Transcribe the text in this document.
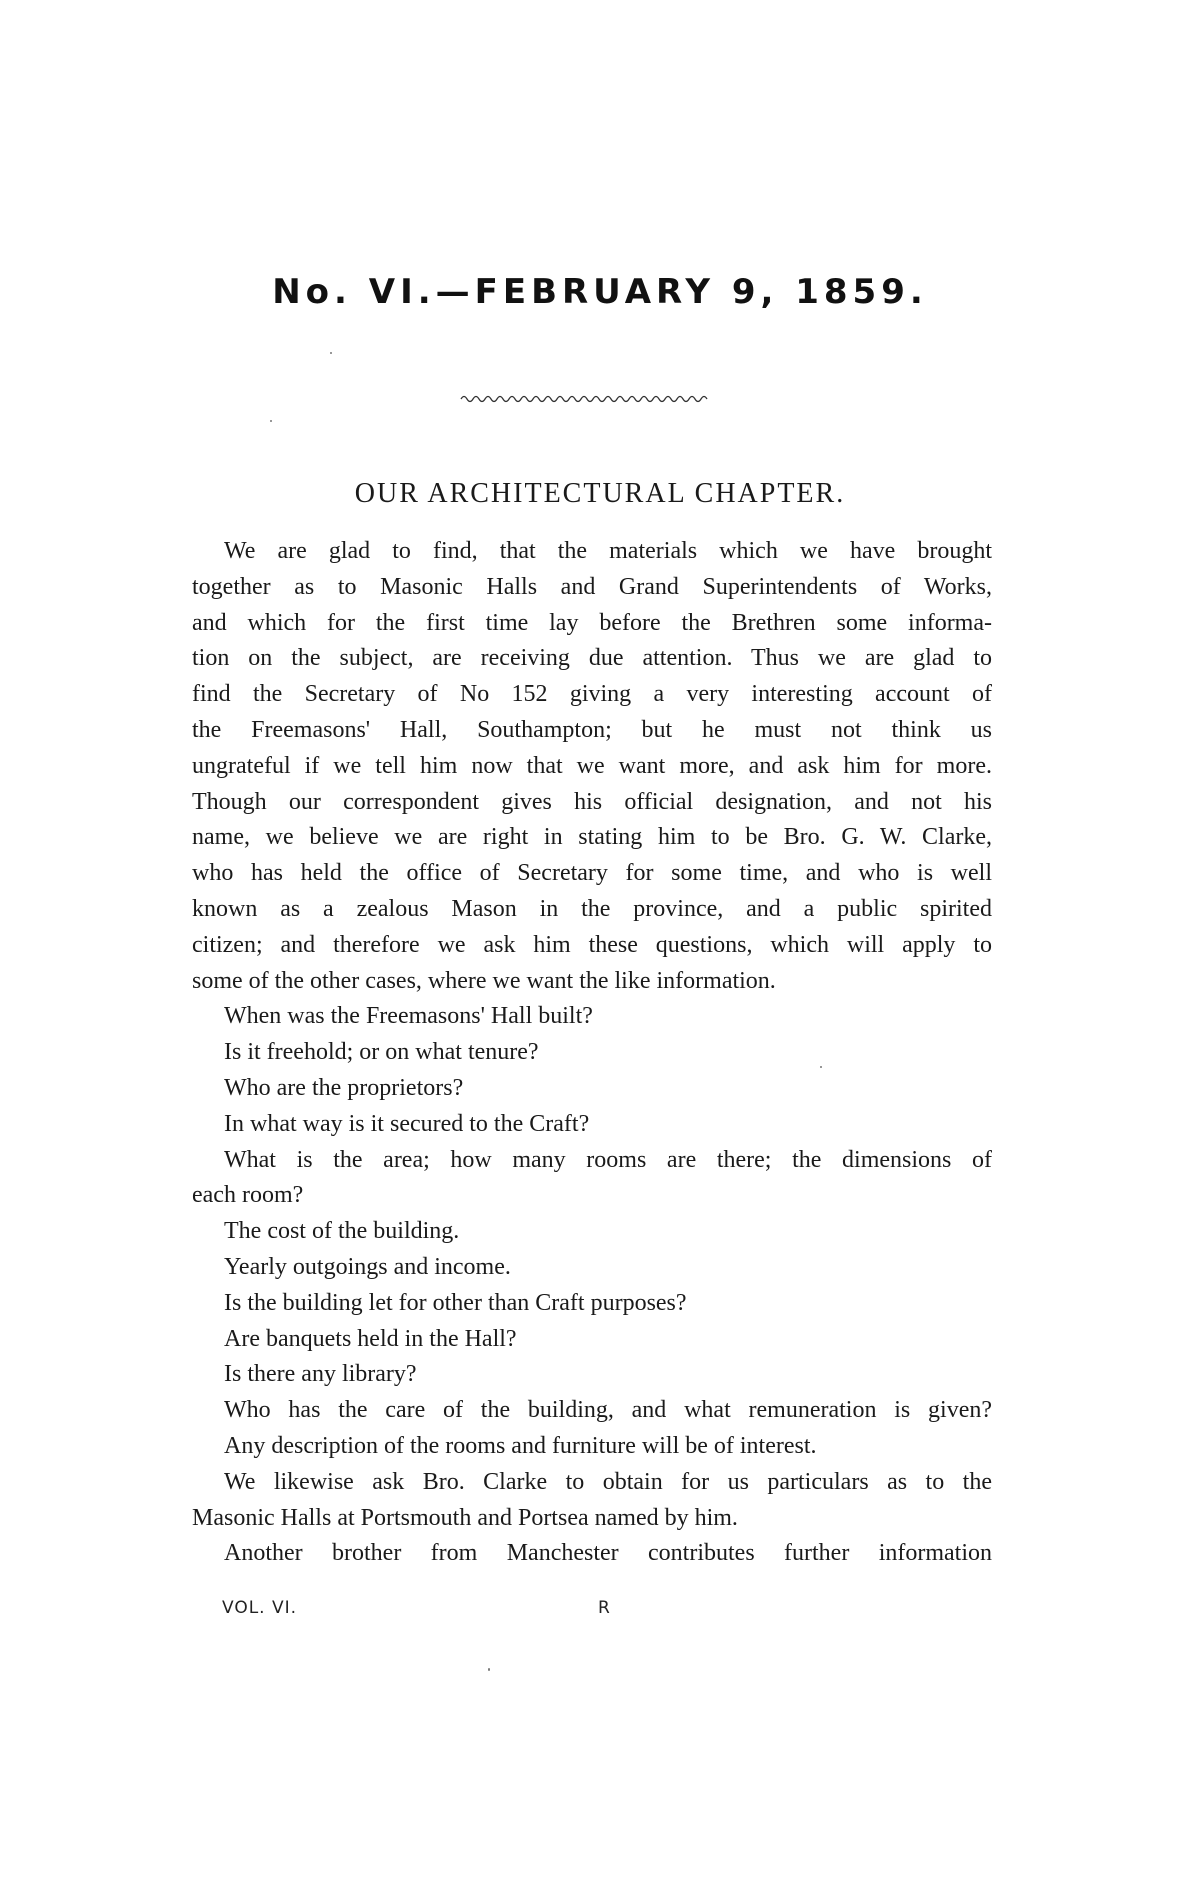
No. VI.—FEBRUARY 9, 1859.
OUR ARCHITECTURAL CHAPTER.
We are glad to find, that the materials which we have brought
together as to Masonic Halls and Grand Superintendents of Works,
and which for the first time lay before the Brethren some informa-
tion on the subject, are receiving due attention. Thus we are glad to
find the Secretary of No 152 giving a very interesting account of
the Freemasons' Hall, Southampton; but he must not think us
ungrateful if we tell him now that we want more, and ask him for more.
Though our correspondent gives his official designation, and not his
name, we believe we are right in stating him to be Bro. G. W. Clarke,
who has held the office of Secretary for some time, and who is well
known as a zealous Mason in the province, and a public spirited
citizen; and therefore we ask him these questions, which will apply to
some of the other cases, where we want the like information.
When was the Freemasons' Hall built?
Is it freehold; or on what tenure?
Who are the proprietors?
In what way is it secured to the Craft?
What is the area; how many rooms are there; the dimensions of
each room?
The cost of the building.
Yearly outgoings and income.
Is the building let for other than Craft purposes?
Are banquets held in the Hall?
Is there any library?
Who has the care of the building, and what remuneration is given?
Any description of the rooms and furniture will be of interest.
We likewise ask Bro. Clarke to obtain for us particulars as to the
Masonic Halls at Portsmouth and Portsea named by him.
Another brother from Manchester contributes further information
VOL. VI.	R
